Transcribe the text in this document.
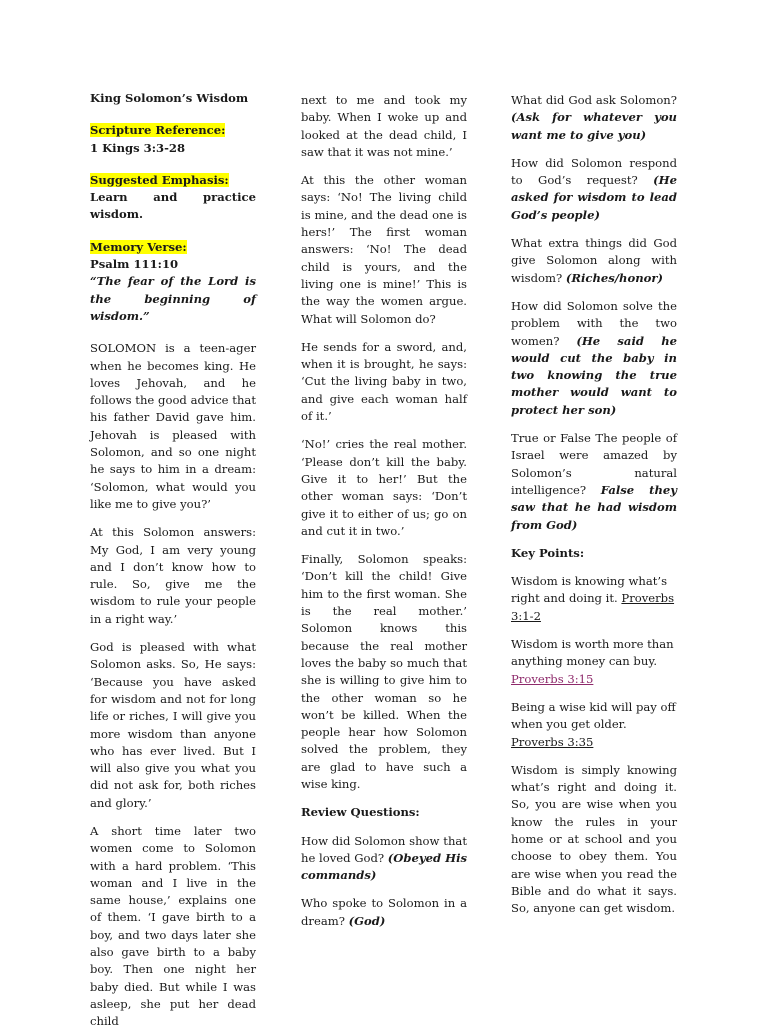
King Solomon’s Wisdom

Scripture Reference:
1 Kings 3:3-28

Suggested Emphasis:
Learn and practice wisdom.

Memory Verse:
Psalm 111:10
“The fear of the Lord is the beginning of wisdom.”

SOLOMON is a teen-ager when he becomes king. He loves Jehovah, and he follows the good advice that his father David gave him. Jehovah is pleased with Solomon, and so one night he says to him in a dream: ‘Solomon, what would you like me to give you?’

At this Solomon answers: My God, I am very young and I don’t know how to rule. So, give me the wisdom to rule your people in a right way.’

God is pleased with what Solomon asks. So, He says: ‘Because you have asked for wisdom and not for long life or riches, I will give you more wisdom than anyone who has ever lived. But I will also give you what you did not ask for, both riches and glory.’

A short time later two women come to Solomon with a hard problem. ‘This woman and I live in the same house,’ explains one of them. ‘I gave birth to a boy, and two days later she also gave birth to a baby boy. Then one night her baby died. But while I was asleep, she put her dead child

next to me and took my baby. When I woke up and looked at the dead child, I saw that it was not mine.’

At this the other woman says: ‘No! The living child is mine, and the dead one is hers!’ The first woman answers: ‘No! The dead child is yours, and the living one is mine!’ This is the way the women argue. What will Solomon do?

He sends for a sword, and, when it is brought, he says: ‘Cut the living baby in two, and give each woman half of it.’

‘No!’ cries the real mother. ‘Please don’t kill the baby. Give it to her!’ But the other woman says: ‘Don’t give it to either of us; go on and cut it in two.’

Finally, Solomon speaks: ‘Don’t kill the child! Give him to the first woman. She is the real mother.’ Solomon knows this because the real mother loves the baby so much that she is willing to give him to the other woman so he won’t be killed. When the people hear how Solomon solved the problem, they are glad to have such a wise king.

Review Questions:

How did Solomon show that he loved God? (Obeyed His commands)

Who spoke to Solomon in a dream? (God)

What did God ask Solomon? (Ask for whatever you want me to give you)

How did Solomon respond to God’s request? (He asked for wisdom to lead God’s people)

What extra things did God give Solomon along with wisdom? (Riches/honor)

How did Solomon solve the problem with the two women? (He said he would cut the baby in two knowing the true mother would want to protect her son)

True or False The people of Israel were amazed by Solomon’s natural intelligence? False they saw that he had wisdom from God)

Key Points:

Wisdom is knowing what’s right and doing it. Proverbs 3:1-2

Wisdom is worth more than anything money can buy. Proverbs 3:15

Being a wise kid will pay off when you get older. Proverbs 3:35

Wisdom is simply knowing what’s right and doing it. So, you are wise when you know the rules in your home or at school and you choose to obey them. You are wise when you read the Bible and do what it says. So, anyone can get wisdom.
